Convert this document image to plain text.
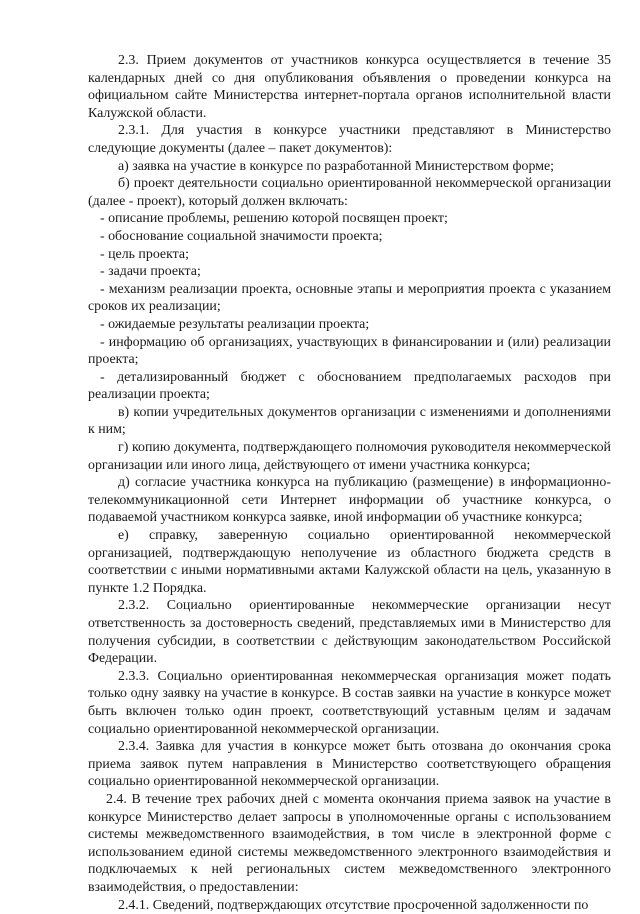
2.3. Прием документов от участников конкурса осуществляется в течение 35 календарных дней со дня опубликования объявления о проведении конкурса на официальном сайте Министерства интернет-портала органов исполнительной власти Калужской области.

2.3.1. Для участия в конкурсе участники представляют в Министерство следующие документы (далее – пакет документов):

а) заявка на участие в конкурсе по разработанной Министерством форме;

б) проект деятельности социально ориентированной некоммерческой организации (далее - проект), который должен включать:

- описание проблемы, решению которой посвящен проект;

- обоснование социальной значимости проекта;

- цель проекта;

- задачи проекта;

- механизм реализации проекта, основные этапы и мероприятия проекта с указанием сроков их реализации;

- ожидаемые результаты реализации проекта;

- информацию об организациях, участвующих в финансировании и (или) реализации проекта;

- детализированный бюджет с обоснованием предполагаемых расходов при реализации проекта;

в) копии учредительных документов организации с изменениями и дополнениями к ним;

г) копию документа, подтверждающего полномочия руководителя некоммерческой организации или иного лица, действующего от имени участника конкурса;

д) согласие участника конкурса на публикацию (размещение) в информационно-телекоммуникационной сети Интернет информации об участнике конкурса, о подаваемой участником конкурса заявке, иной информации об участнике конкурса;

е) справку, заверенную социально ориентированной некоммерческой организацией, подтверждающую неполучение из областного бюджета средств в соответствии с иными нормативными актами Калужской области на цель, указанную в пункте 1.2 Порядка.

2.3.2. Социально ориентированные некоммерческие организации несут ответственность за достоверность сведений, представляемых ими в Министерство для получения субсидии, в соответствии с действующим законодательством Российской Федерации.

2.3.3. Социально ориентированная некоммерческая организация может подать только одну заявку на участие в конкурсе. В состав заявки на участие в конкурсе может быть включен только один проект, соответствующий уставным целям и задачам социально ориентированной некоммерческой организации.

2.3.4. Заявка для участия в конкурсе может быть отозвана до окончания срока приема заявок путем направления в Министерство соответствующего обращения социально ориентированной некоммерческой организации.

2.4. В течение трех рабочих дней с момента окончания приема заявок на участие в конкурсе Министерство делает запросы в уполномоченные органы с использованием системы межведомственного взаимодействия, в том числе в электронной форме с использованием единой системы межведомственного электронного взаимодействия и подключаемых к ней региональных систем межведомственного электронного взаимодействия, о предоставлении:

2.4.1. Сведений, подтверждающих отсутствие просроченной задолженности по
